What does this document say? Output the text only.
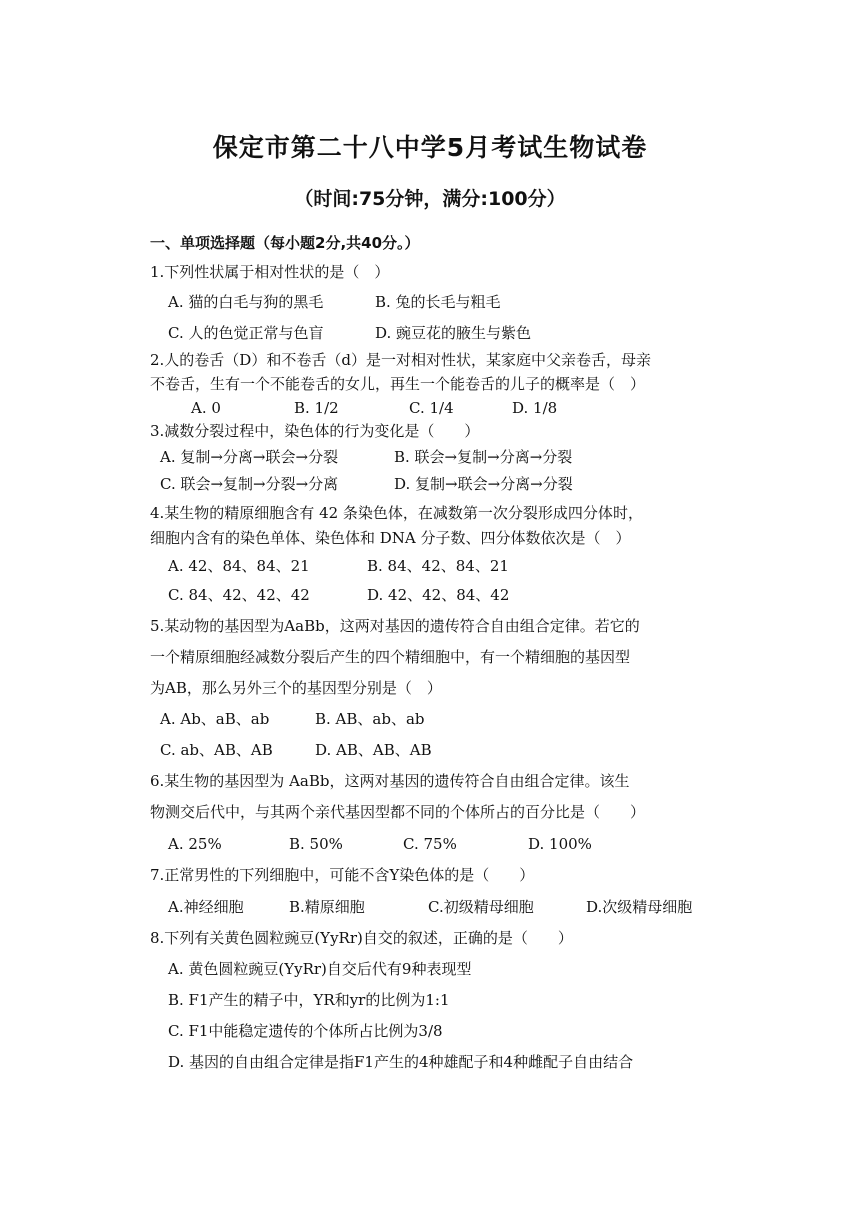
保定市第二十八中学5月考试生物试卷
（时间:75分钟，满分:100分）
一、单项选择题（每小题2分,共40分。）
1.下列性状属于相对性状的是（　）
A. 猫的白毛与狗的黑毛	B. 兔的长毛与粗毛
C. 人的色觉正常与色盲	D. 豌豆花的腋生与紫色
2.人的卷舌（D）和不卷舌（d）是一对相对性状，某家庭中父亲卷舌，母亲
不卷舌，生有一个不能卷舌的女儿，再生一个能卷舌的儿子的概率是（　）
A. 0	B. 1/2	C. 1/4	D. 1/8
3.减数分裂过程中，染色体的行为变化是（　　）
A. 复制→分离→联会→分裂	B. 联会→复制→分离→分裂
C. 联会→复制→分裂→分离	D. 复制→联会→分离→分裂
4.某生物的精原细胞含有 42 条染色体，在减数第一次分裂形成四分体时，
细胞内含有的染色单体、染色体和 DNA 分子数、四分体数依次是（　）
A. 42、84、84、21	B. 84、42、84、21
C. 84、42、42、42	D. 42、42、84、42
5.某动物的基因型为AaBb，这两对基因的遗传符合自由组合定律。若它的
一个精原细胞经减数分裂后产生的四个精细胞中，有一个精细胞的基因型
为AB，那么另外三个的基因型分别是（　）
A. Ab、aB、ab	B. AB、ab、ab
C. ab、AB、AB	D. AB、AB、AB
6.某生物的基因型为 AaBb，这两对基因的遗传符合自由组合定律。该生
物测交后代中，与其两个亲代基因型都不同的个体所占的百分比是（　　）
A. 25%	B. 50%	C. 75%	D. 100%
7.正常男性的下列细胞中，可能不含Y染色体的是（　　）
A.神经细胞	B.精原细胞	C.初级精母细胞	D.次级精母细胞
8.下列有关黄色圆粒豌豆(YyRr)自交的叙述，正确的是（　　）
A. 黄色圆粒豌豆(YyRr)自交后代有9种表现型
B. F1产生的精子中，YR和yr的比例为1:1
C. F1中能稳定遗传的个体所占比例为3/8
D. 基因的自由组合定律是指F1产生的4种雄配子和4种雌配子自由结合
